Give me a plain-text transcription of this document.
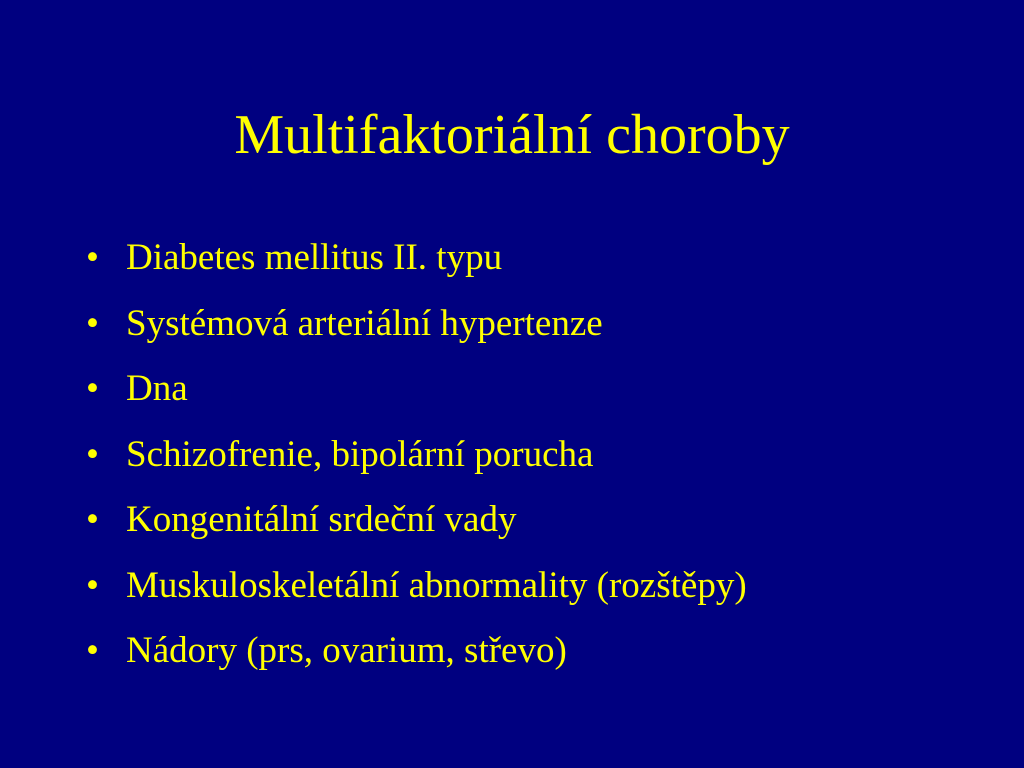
Multifaktoriální choroby
• Diabetes mellitus II. typu
• Systémová arteriální hypertenze
• Dna
• Schizofrenie, bipolární porucha
• Kongenitální srdeční vady
• Muskuloskeletální abnormality (rozštěpy)
• Nádory (prs, ovarium, střevo)
